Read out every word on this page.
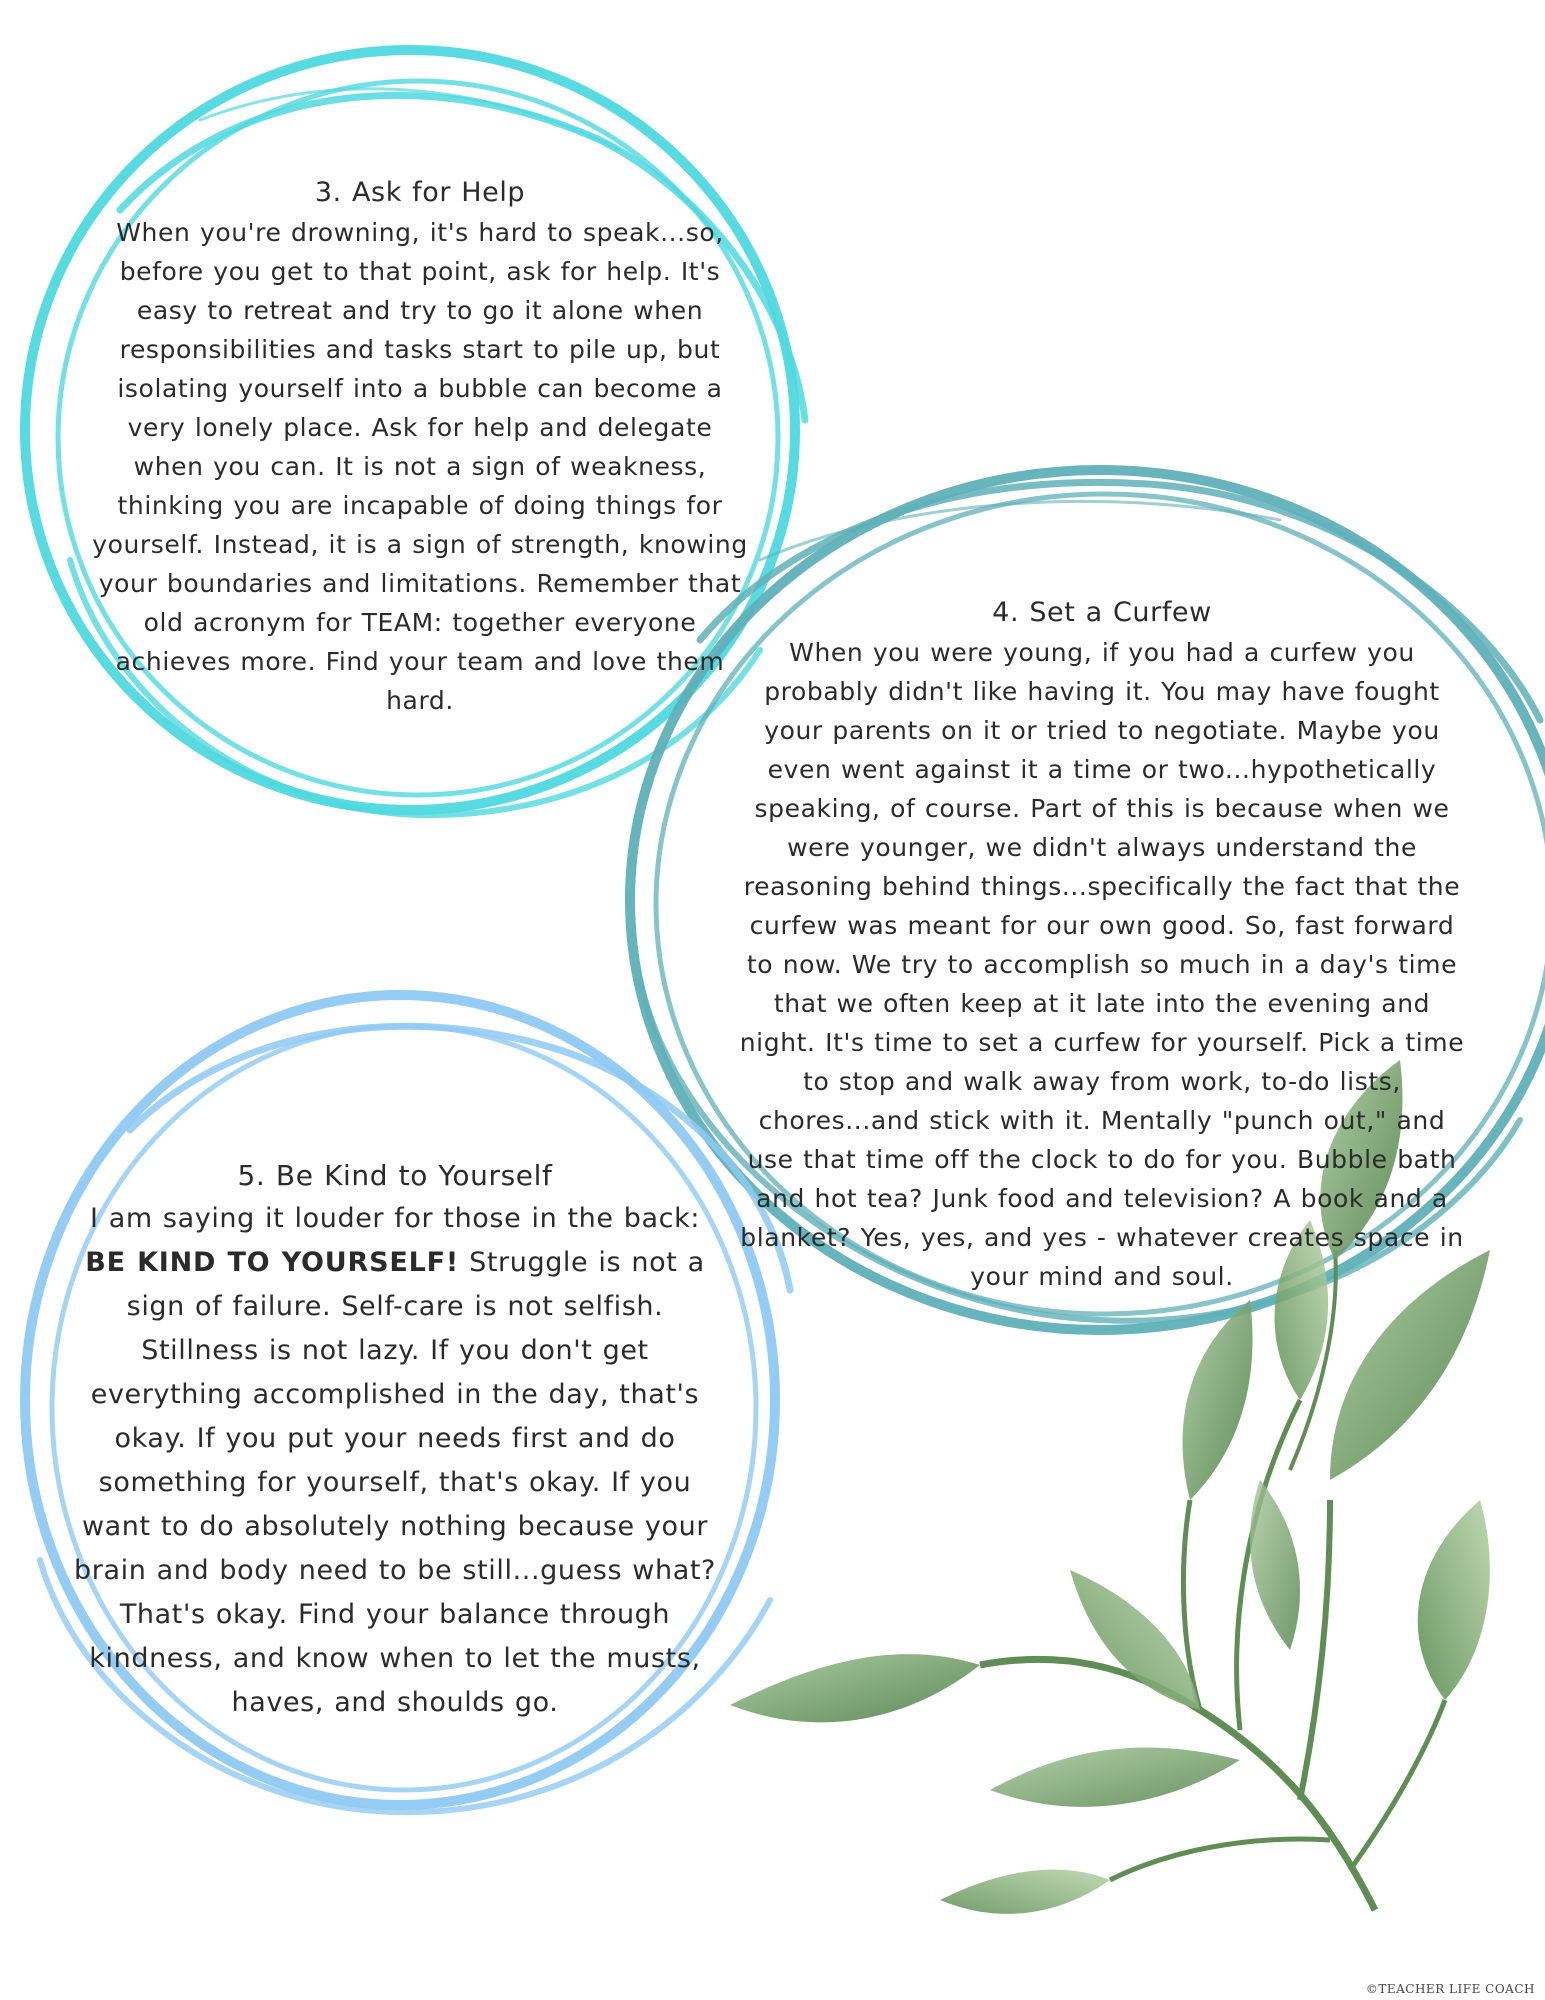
3. Ask for Help
When you're drowning, it's hard to speak...so, before you get to that point, ask for help. It's easy to retreat and try to go it alone when responsibilities and tasks start to pile up, but isolating yourself into a bubble can become a very lonely place. Ask for help and delegate when you can. It is not a sign of weakness, thinking you are incapable of doing things for yourself. Instead, it is a sign of strength, knowing your boundaries and limitations. Remember that old acronym for TEAM: together everyone achieves more. Find your team and love them hard.
4. Set a Curfew
When you were young, if you had a curfew you probably didn't like having it. You may have fought your parents on it or tried to negotiate. Maybe you even went against it a time or two...hypothetically speaking, of course. Part of this is because when we were younger, we didn't always understand the reasoning behind things...specifically the fact that the curfew was meant for our own good. So, fast forward to now. We try to accomplish so much in a day's time that we often keep at it late into the evening and night. It's time to set a curfew for yourself. Pick a time to stop and walk away from work, to-do lists, chores...and stick with it. Mentally "punch out," and use that time off the clock to do for you. Bubble bath and hot tea? Junk food and television? A book and a blanket? Yes, yes, and yes - whatever creates space in your mind and soul.
5. Be Kind to Yourself
I am saying it louder for those in the back: BE KIND TO YOURSELF! Struggle is not a sign of failure. Self-care is not selfish. Stillness is not lazy. If you don't get everything accomplished in the day, that's okay. If you put your needs first and do something for yourself, that's okay. If you want to do absolutely nothing because your brain and body need to be still...guess what? That's okay. Find your balance through kindness, and know when to let the musts, haves, and shoulds go.
©TEACHER LIFE COACH
